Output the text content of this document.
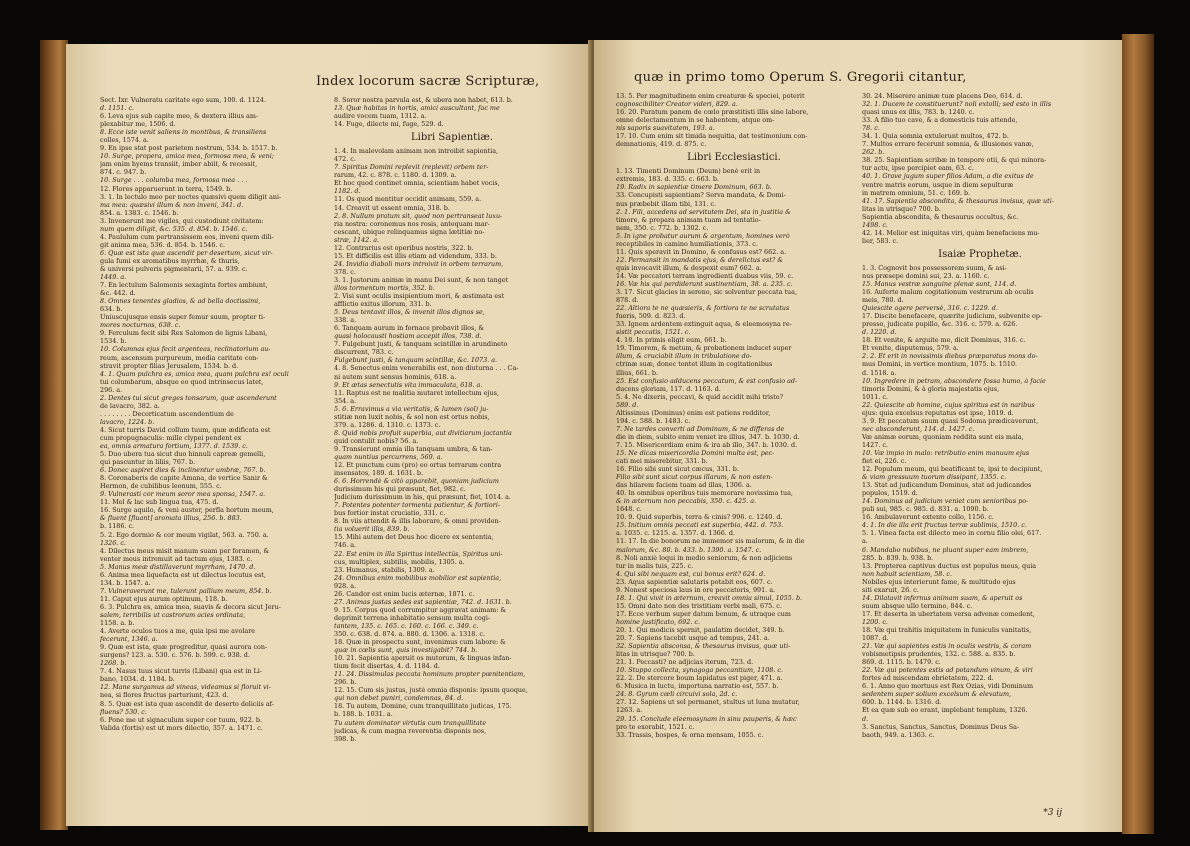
Index locorum sacræ Scripturæ,
Sect. Ixr. Vulneratu caritate ego sum, 100. d. 1124.
d. 1151. c.
6. Leva ejus sub capite meo, & dextera illius am-
plexabitur me, 1506. d.
8. Ecce iste venit saliens in montibus, & transiliens
colles, 1574. a.
9. En ipse stat post parietem nostrum, 534. b. 1517. b.
10. Surge, propera, amica mea, formosa mea, & veni;
jam enim hyems transiit, imber abiit, & recessit,
874. c. 947. b.
10. Surge . . . columba mea, formosa mea . . .
12. Flores apparuerunt in terra, 1549. b.
3. 1. In lectulo meo per noctes quæsivi quem diligit ani-
ma mea: quæsivi illum & non inveni, 341. d.
854. a. 1383. c. 1546. b.
3. Invenerunt me vigiles, qui custodiunt civitatem:
num quem diligit, &c. 535. d. 854. b. 1546. c.
4. Paululum cum pertransissem eos, inveni quem dili-
git anima mea, 536. d. 854. b. 1546. c.
6. Quæ est ista quæ ascendit per desertum, sicut vir-
gula fumi ex aromatibus myrrhæ, & thuris,
& universi pulveris pigmentarii, 57. a. 939. c.
1449. a.
7. En lectulum Salomonis sexaginta fortes ambiunt,
&c. 442. d.
8. Omnes tenentes gladios, & ad bella doctissimi,
634. b.
Uniuscujusque ensis super femur suum, propter ti-
mores nocturnos, 638. c.
9. Ferculum fecit sibi Rex Salomon de lignis Libani,
1534. b.
10. Columnas ejus fecit argenteas, reclinatorium au-
reum, ascensum purpureum, media caritate con-
stravit propter filias Jerusalem, 1534. b. d.
4. 1. Quam pulchra es, amica mea, quam pulchra es! oculi
tui columbarum, absque eo quod intrinsecus latet,
296. a.
2. Dentes tui sicut greges tonsarum, quæ ascenderunt
de lavacro, 382. a.
. . . . . . . . Decorticatum ascendentium de
lavacro, 1224. b.
4. Sicut turris David collum tuum, quæ ædificata est
cum propugnaculis: mille clypei pendent ex
ea, omnis armatura fortium, 1377. d. 1539. c.
5. Duo ubera tua sicut duo hinnuli capreæ gemelli,
qui pascuntur in liliis, 767. b.
6. Donec aspiret dies & inclinentur umbræ, 767. b.
8. Coronaberis de capite Amana, de vertice Sanir &
Hermon, de cubilibus leonum, 555. c.
9. Vulnerasti cor meum soror mea sponsa, 1547. a.
11. Mel & lac sub lingua tua, 475. d.
16. Surge aquilo, & veni auster, perfla hortum meum,
& fluent [fluant] aromata illius, 256. b. 883.
b. 1186. c.
5. 2. Ego dormio & cor meum vigilat, 563. a. 750. a.
1326. c.
4. Dilectus meus misit manum suam per foramen, &
venter meus intremuit ad tactum ejus, 1383. c.
5. Manus meæ distillaverunt myrrham, 1470. d.
6. Anima mea liquefacta est ut dilectus locutus est,
134. b. 1547. a.
7. Vulneraverunt me, tulerunt pallium meum, 854. b.
11. Caput ejus aurum optimum, 118. b.
6. 3. Pulchra es, amica mea, suavis & decora sicut Jeru-
salem, terribilis ut castrorum acies ordinata,
1158. a. b.
4. Averte oculos tuos a me, quia ipsi me avolare
fecerunt, 1346. a.
9. Quæ est ista, quæ progreditur, quasi aurora con-
surgens? 123. a. 530. c. 576. b. 599. c. 938. d.
1268. b.
7. 4. Nasus tuus sicut turris (Libani) qua est in Li-
bano, 1034. d. 1184. b.
12. Mane surgamus ad vineas, videamus si floruit vi-
nea, si flores fructus parturiunt, 423. d.
8. 5. Quæ est ista quæ ascendit de deserto deliciis af-
fluens? 530. c.
6. Pone me ut signaculum super cor tuum, 922. b.
Valida (fortis) est ut mors dilectio, 357. a. 1471. c.
8. Soror nostra parvula est, & ubera non habet, 613. b.
13. Quæ habitas in hortis, amici auscultant, fac me
audire vocem tuam, 1312. a.
14. Fuge, dilecte mi, fuge, 529. d.
Libri Sapientiæ.
1. 4. In malevolam animam non introibit sapientia,
472. c.
7. Spiritus Domini replevit (replevit) orbem ter-
rarum, 42. c. 878. c. 1180. d. 1309. a.
Et hoc quod continet omnia, scientiam habet vocis,
1182. d.
11. Os quod mentitur occidit animam, 559. a.
14. Creavit ut essent omnia, 318. b.
2. 8. Nullum pratum sit, quod non pertranseat luxu-
ria nostra: coronemus nos rosis, antequam mar-
cescant, ubique relinquamus signa lætitiæ no-
stræ, 1142. a.
12. Contrarius est operibus nostris, 322. b.
15. Et difficilis est illis etiam ad videndum, 333. b.
24. Invidia diaboli mors introivit in orbem terrarum,
378. c.
3. 1. Justorum animæ in manu Dei sunt, & non tanget
illos tormentum mortis, 352. b.
2. Visi sunt oculis insipientium mori, & æstimata est
afflictio exitus illorum, 331. b.
5. Deus tentavit illos, & invenit illos dignos se,
338. a.
6. Tanquam aurum in fornace probavit illos, &
quasi holocausti hostiam accepit illos, 738. d.
7. Fulgebunt justi, & tanquam scintillæ in arundineto
discurrent, 783. c.
Fulgebunt justi, & tanquam scintillæ, &c. 1073. a.
4. 8. Senectus enim venerabilis est, non diuturna . . . Ca-
ni autem sunt sensus hominis, 618. a.
9. Et ætas senectutis vita immaculata, 618. a.
11. Raptus est ne malitia mutaret intellectum ejus,
354. a.
5. 6. Erravimus a via veritatis, & lumen (sol) ju-
stitiæ non luxit nobis, & sol non est ortus nobis,
379. a. 1286. d. 1310. c. 1373. c.
8. Quid nobis profuit superbia, aut divitiarum jactantia
quid contulit nobis? 56. a.
9. Transierunt omnia illa tanquam umbra, & tan-
quam nuntius percurrens, 569. a.
12. Et punctum cum (pro) eo ortus terrarum contra
insensatos, 189. d. 1631. b.
6. 6. Horrendè & citò apparebit, quoniam judicium
durissimum his qui præsunt, fiet, 982. c.
Judicium durissimum in his, qui præsunt, fiet, 1014. a.
7. Potentes potenter tormenta patientur, & fortiori-
bus fortior instat cruciatio, 331. c.
8. In viis attendit & illis laborare, & omni providen-
tia voluerit illis, 839. b.
15. Mihi autem det Deus hoc dicere ex sententia,
746. a.
22. Est enim in illa Spiritus intellectûs, Spiritus uni-
cus, multiplex, subtilis, mobilis, 1305. a.
23. Humanus, stabilis, 1309. a.
24. Omnibus enim mobilibus mobilior est sapientia,
928. a.
26. Candor est enim lucis æternæ, 1871. c.
27. Animas justas sedes est sapientiæ, 742. d. 1631. b.
9. 15. Corpus quod corrumpitur aggravat animam: &
deprimit terrena inhabitatio sensum multa cogi-
tantem, 135. c. 165. c. 160. c. 166. c. 349. c.
350. c. 638. d. 874. a. 880. d. 1306. a. 1318. c.
18. Quæ in prospectu sunt, invenimus cum labore: &
quæ in cœlis sunt, quis investigabit? 744. b.
10. 21. Sapientia aperuit os mutorum, & linguas infan-
tium fecit disertas, 4. d. 1184. d.
11. 24. Dissimulas peccata hominum propter pœnitentiam,
296. b.
12. 15. Cum sis justus, justè omnia disponis: ipsum quoque,
qui non debet puniri, condemnas, 84. d.
18. Tu autem, Domine, cum tranquillitate judicas, 175.
b. 188. b. 1031. a.
Tu autem dominator virtutis cum tranquillitate
judicas, & cum magna reverentia disponis nos,
398. b.
quæ in primo tomo Operum S. Gregorii citantur,
13. 5. Per magnitudinem enim creaturæ & speciei, poterit
cognoscibiliter Creator videri, 829. a.
16. 20. Paratum panem de cœlo præstitisti illis sine labore,
omne delectamentum in se habentem, atque om-
nis saporis suavitatem, 193. a.
17. 10. Cum enim sit timida nequitia, dat testimonium con-
demnationis, 419. d. 875. c.
Libri Ecclesiastici.
1. 13. Timenti Dominum (Deum) benè erit in
extremis, 183. d. 335. c. 663. b.
19. Radix in sapientiæ timere Dominum, 663. b.
33. Concupisti sapientiam? Serva mandata, & Domi-
nus præbebit illam tibi, 131. c.
2. 1. Fili, accedens ad servitutem Dei, sta in justitia &
timore, & prepara animam tuam ad tentatio-
nem, 350. c. 772. b. 1302. c.
5. In igne probatur aurum & argentum, homines verò
receptibiles in camino humiliationis, 373. c.
11. Quis speravit in Domino, & confusus est? 662. a.
12. Permansit in mandatis ejus, & derelictus est? &
quis invocavit illum, & despexit eum? 662. a.
14. Væ peccatori terram ingredienti duabus viis, 59. c.
16. Væ his qui perdiderunt sustinentiam, 38. a. 235. c.
3. 17. Sicut glacies in sereno, sic solventur peccata tua,
878. d.
22. Altiora te ne quæsieris, & fortiora te ne scrutatus
fueris, 509. d. 823. d.
33. Ignem ardentem extinguit aqua, & eleemosyna re-
sistit peccatis, 1521. c.
4. 18. In primis eligit eum, 661. b.
19. Timorem, & metum, & probationem inducet super
illum, & cruciabit illum in tribulatione do-
ctrinæ suæ, donec tentet illum in cogitationibus
illius, 661. b.
25. Est confusio adducens peccatum, & est confusio ad-
ducens gloriam, 117. d. 1163. d.
5. 4. Ne dixeris, peccavi, & quid accidit mihi triste?
589. d.
Altissimus (Dominus) enim est patiens redditor,
194. c. 588. b. 1483. c.
7. Ne tardes converti ad Dominum, & ne differas de
die in diem, subito enim veniet ira illius, 347. b. 1030. d.
7. 15. Misericordiam enim & ira ab illo, 347. b. 1030. d.
15. Ne dicas misericordia Domini multa est, pec-
cati mei miserebitur, 331. b.
16. Filio sibi sunt sicut cæcus, 331. b.
Filio sibi sunt sicut corpus illarum, & non osten-
das hilarem faciem tuam ad illas, 1306. a.
40. In omnibus operibus tuis memorare novissima tua,
& in æternum non peccabis, 350. c. 425. a.
1648. c.
10. 9. Quid superbis, terra & cinis? 996. c. 1240. d.
15. Initium omnis peccati est superbia, 442. d. 753.
a. 1035. c. 1215. a. 1357. d. 1366. d.
11. 17. In die bonorum ne immemor sis malorum, & in die
malorum, &c. 80. b. 433. b. 1390. a. 1547. c.
8. Noli anxiè loqui in medio seniorum, & non adjiciens
tur in malis tuis, 225. c.
4. Qui sibi nequam est, cui bonus erit? 624. d.
23. Aqua sapientiæ salutaris potabit eos, 607. c.
9. Nonest speciosa laus in ore peccatoris, 991. a.
18. 1. Qui vivit in æternum, creavit omnia simul, 1055. b.
15. Omni dato non des tristitiam verbi mali, 675. c.
17. Ecce verbum super datum bonum, & utraque cum
homine justificato, 692. c.
20. 1. Qui modicis spernit, paulatim decidet, 349. b.
20. 7. Sapiens tacebit usque ad tempus, 241. a.
32. Sapientia absconsa, & thesaurus invisus, quæ uti-
litas in utrisque? 700. b.
21. 1. Peccasti? ne adjicias iterum, 723. d.
10. Stuppa collecta, synagoga peccantium, 1108. c.
22. 2. De stercore boum lapidatus est piger, 471. a.
6. Musica in luctu, importuna narratio est, 557. b.
24. 8. Gyrum cœli circuivi sola, 2d. c.
27. 12. Sapiens ut sol permanet, stultus ut luna mutatur,
1263. a.
29. 15. Conclude eleemosynam in sinu pauperis, & hæc
pro te exorabit, 1521. c.
33. Trassis, hospes, & orna mensam, 1055. c.
30. 24. Miserere animæ tuæ placens Deo, 614. d.
32. 1. Ducem te constituerunt? noli extolli; sed esto in illis
quasi unus ex illis, 783. b. 1240. c.
33. A filio tuo cave, & a domesticis tuis attende,
78. c.
34. 1. Quia somnia extulerunt multos, 472. b.
7. Multos errare fecerunt somnia, & illusiones vanæ,
262. b.
38. 25. Sapientiam scribæ in tempore otii, & qui minora-
tur actu, ipse percipiet eam, 63. c.
40. 1. Grave jugum super filios Adam, a die exitus de
ventre matris eorum, usque in diem sepulturæ
in matrem omnium, 51. c. 169. b.
41. 17. Sapientia abscondita, & thesaurus invisus, quæ uti-
litas in utrisque? 700. b.
Sapientia abscondita, & thesaurus occultus, &c.
1498. c.
42. 14. Melior est iniquitas viri, quàm benefaciens mu-
lier, 583. c.
Isaiæ Prophetæ.
1. 3. Cognovit bos possessorem suum, & asi-
nus præsepe domini sui, 23. a. 1160. c.
15. Manus vestræ sanguine plenæ sunt, 114. d.
16. Auferte malum cogitationum vestrarum ab oculis
meis, 780. d.
Quiescite agere perversè, 316. c. 1229. d.
17. Discite benefacere, quærite judicium, subvenite op-
presso, judicate pupillo, &c. 316. c. 579. a. 626.
d. 1220. d.
18. Et venite, & arguite me, dicit Dominus, 316. c.
Et venite, disputemus, 579. a.
2. 2. Et erit in novissimis diebus præparatus mons do-
mus Domini, in vertice montium, 1075. b. 1510.
d. 1518. a.
10. Ingredere in petram, abscondere fossa humo, à facie
timoris Domini, & à gloria majestatis ejus,
1011. c.
22. Quiescite ab homine, cujus spiritus est in naribus
ejus: quia excelsus reputatus est ipse, 1019. d.
3. 9. Et peccatum suum quasi Sodoma prædicaverunt,
nec absconderunt, 114. d. 1427. c.
Væ animæ eorum, quoniam reddita sunt eis mala,
1427. c.
10. Væ impio in malo: retributio enim manuum ejus
fiet ei, 226. c.
12. Populum meum, qui beatificant te, ipsi te decipiunt,
& viam gressuum tuorum dissipant, 1355. c.
13. Stat ad judicandum Dominus, stat ad judicandos
populos, 1519. d.
14. Dominus ad judicium veniet cum senioribus po-
puli sui, 985. c. 985. d. 831. a. 1090. b.
16. Ambulaverunt extento collo, 1156. c.
4. 1. In die illa erit fructus terræ sublimis, 1510. c.
5. 1. Vinea facta est dilecto meo in cornu filio olei, 617.
a.
6. Mandabo nubibus, ne pluant super eam imbrem,
285. b. 839. b. 938. b.
13. Propterea captivus ductus est populus meus, quia
non habuit scientiam, 58. c.
Nobiles ejus interierunt fame, & multitudo ejus
siti exaruit, 26. c.
14. Dilatavit infernus animam suam, & aperuit os
suum absque ullo termino, 844. c.
17. Et deserta in ubertatem versa advenæ comedent,
1200. c.
18. Væ qui trahitis iniquitatem in funiculis vanitatis,
1087. d.
21. Væ qui sapientes estis in oculis vestris, & coram
vobismetipsis prudentes, 132. c. 588. a. 835. b.
869. d. 1115. b. 1479. c.
22. Væ qui potentes estis ad potandum vinum, & viri
fortes ad miscendam ebrietatem, 222. d.
6. 1. Anno quo mortuus est Rex Ozias, vidi Dominum
sedentem super solium excelsum & elevatum,
600. b. 1144. b. 1316. d.
Et ea quæ sub eo erant, implebant templum, 1326.
d.
3. Sanctus, Sanctus, Sanctus, Dominus Deus Sa-
baoth, 949. a. 1363. c.
*3 ij
